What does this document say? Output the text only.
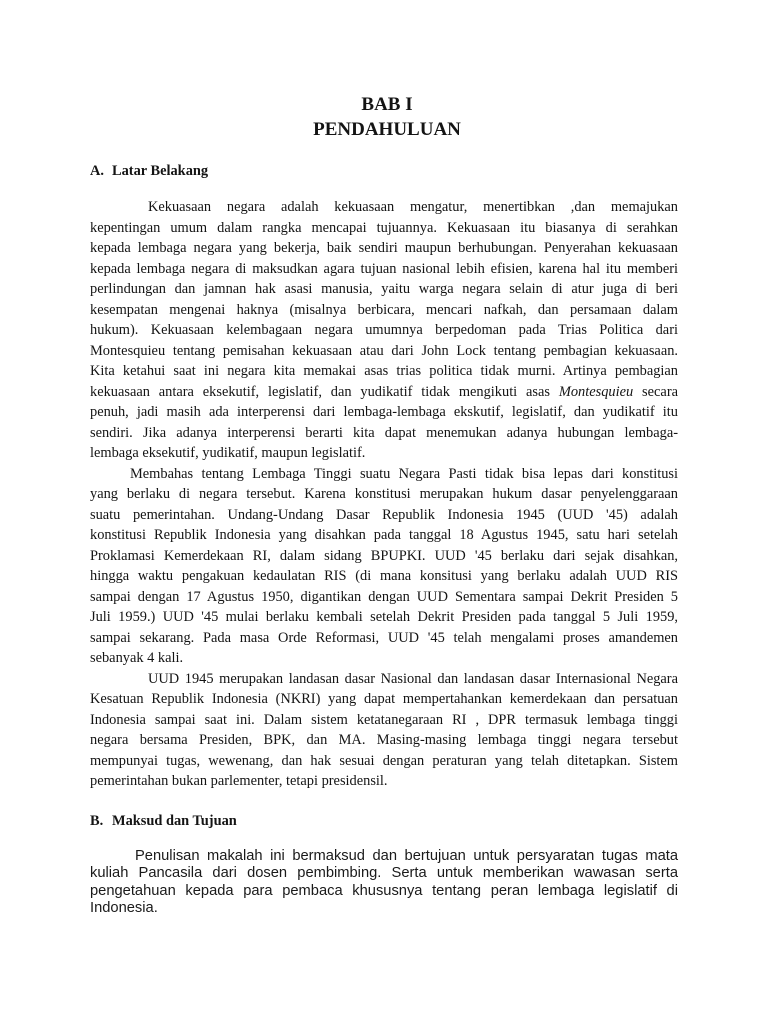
BAB I
PENDAHULUAN
A. Latar Belakang
Kekuasaan negara adalah kekuasaan mengatur, menertibkan ,dan memajukan
kepentingan umum dalam rangka mencapai tujuannya. Kekuasaan itu biasanya di serahkan
kepada lembaga negara yang bekerja, baik sendiri maupun berhubungan. Penyerahan kekuasaan
kepada lembaga negara di maksudkan agara tujuan nasional lebih efisien, karena hal itu memberi
perlindungan dan jamnan hak asasi manusia, yaitu warga negara selain di atur juga di beri
kesempatan mengenai haknya (misalnya berbicara, mencari nafkah, dan persamaan dalam
hukum). Kekuasaan kelembagaan negara umumnya berpedoman pada Trias Politica dari
Montesquieu tentang pemisahan kekuasaan atau dari John Lock tentang pembagian kekuasaan.
Kita ketahui saat ini negara kita memakai asas trias politica tidak murni. Artinya pembagian
kekuasaan antara eksekutif, legislatif, dan yudikatif tidak mengikuti asas Montesquieu secara
penuh, jadi masih ada interperensi dari lembaga-lembaga ekskutif, legislatif, dan yudikatif itu
sendiri. Jika adanya interperensi berarti kita dapat menemukan adanya hubungan lembaga-
lembaga eksekutif, yudikatif, maupun legislatif.
Membahas tentang Lembaga Tinggi suatu Negara Pasti tidak bisa lepas dari konstitusi
yang berlaku di negara tersebut. Karena konstitusi merupakan hukum dasar penyelenggaraan
suatu pemerintahan. Undang-Undang Dasar Republik Indonesia 1945 (UUD '45) adalah
konstitusi Republik Indonesia yang disahkan pada tanggal 18 Agustus 1945, satu hari setelah
Proklamasi Kemerdekaan RI, dalam sidang BPUPKI. UUD '45 berlaku dari sejak disahkan,
hingga waktu pengakuan kedaulatan RIS (di mana konsitusi yang berlaku adalah UUD RIS
sampai dengan 17 Agustus 1950, digantikan dengan UUD Sementara sampai Dekrit Presiden 5
Juli 1959.) UUD '45 mulai berlaku kembali setelah Dekrit Presiden pada tanggal 5 Juli 1959,
sampai sekarang. Pada masa Orde Reformasi, UUD '45 telah mengalami proses amandemen
sebanyak 4 kali.
UUD 1945 merupakan landasan dasar Nasional dan landasan dasar Internasional Negara
Kesatuan Republik Indonesia (NKRI) yang dapat mempertahankan kemerdekaan dan persatuan
Indonesia sampai saat ini. Dalam sistem ketatanegaraan RI , DPR termasuk lembaga tinggi
negara bersama Presiden, BPK, dan MA. Masing-masing lembaga tinggi negara tersebut
mempunyai tugas, wewenang, dan hak sesuai dengan peraturan yang telah ditetapkan. Sistem
pemerintahan bukan parlementer, tetapi presidensil.
B. Maksud dan Tujuan
Penulisan makalah ini bermaksud dan bertujuan untuk persyaratan tugas mata
kuliah Pancasila dari dosen pembimbing. Serta untuk memberikan wawasan serta
pengetahuan kepada para pembaca khususnya tentang peran lembaga legislatif di
Indonesia.
